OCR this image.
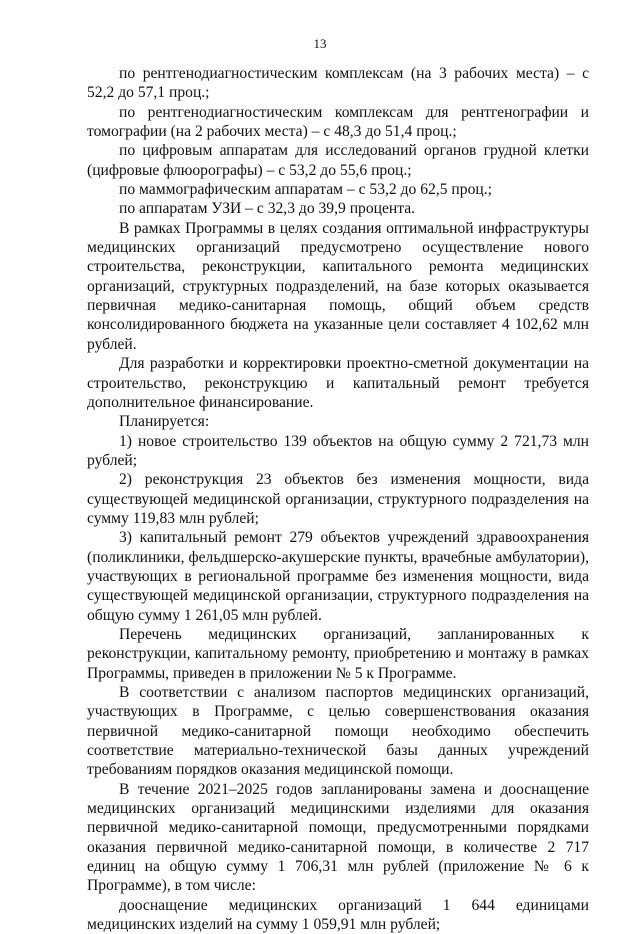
13

по рентгенодиагностическим комплексам (на 3 рабочих места) – с 52,2 до 57,1 проц.;

по рентгенодиагностическим комплексам для рентгенографии и томографии (на 2 рабочих места) – с 48,3 до 51,4 проц.;

по цифровым аппаратам для исследований органов грудной клетки (цифровые флюорографы) – с 53,2 до 55,6 проц.;

по маммографическим аппаратам – с 53,2 до 62,5 проц.;

по аппаратам УЗИ – с 32,3 до 39,9 процента.

В рамках Программы в целях создания оптимальной инфраструктуры медицинских организаций предусмотрено осуществление нового строительства, реконструкции, капитального ремонта медицинских организаций, структурных подразделений, на базе которых оказывается первичная медико-санитарная помощь, общий объем средств консолидированного бюджета на указанные цели составляет 4 102,62 млн рублей.

Для разработки и корректировки проектно-сметной документации на строительство, реконструкцию и капитальный ремонт требуется дополнительное финансирование.

Планируется:

1) новое строительство 139 объектов на общую сумму 2 721,73 млн рублей;

2) реконструкция 23 объектов без изменения мощности, вида существующей медицинской организации, структурного подразделения на сумму 119,83 млн рублей;

3) капитальный ремонт 279 объектов учреждений здравоохранения (поликлиники, фельдшерско-акушерские пункты, врачебные амбулатории), участвующих в региональной программе без изменения мощности, вида существующей медицинской организации, структурного подразделения на общую сумму 1 261,05 млн рублей.

Перечень медицинских организаций, запланированных к реконструкции, капитальному ремонту, приобретению и монтажу в рамках Программы, приведен в приложении № 5 к Программе.

В соответствии с анализом паспортов медицинских организаций, участвующих в Программе, с целью совершенствования оказания первичной медико-санитарной помощи необходимо обеспечить соответствие материально-технической базы данных учреждений требованиям порядков оказания медицинской помощи.

В течение 2021–2025 годов запланированы замена и дооснащение медицинских организаций медицинскими изделиями для оказания первичной медико-санитарной помощи, предусмотренными порядками оказания первичной медико-санитарной помощи, в количестве 2 717 единиц на общую сумму 1 706,31 млн рублей (приложение № 6 к Программе), в том числе:

дооснащение медицинских организаций 1 644 единицами медицинских изделий на сумму 1 059,91 млн рублей;
